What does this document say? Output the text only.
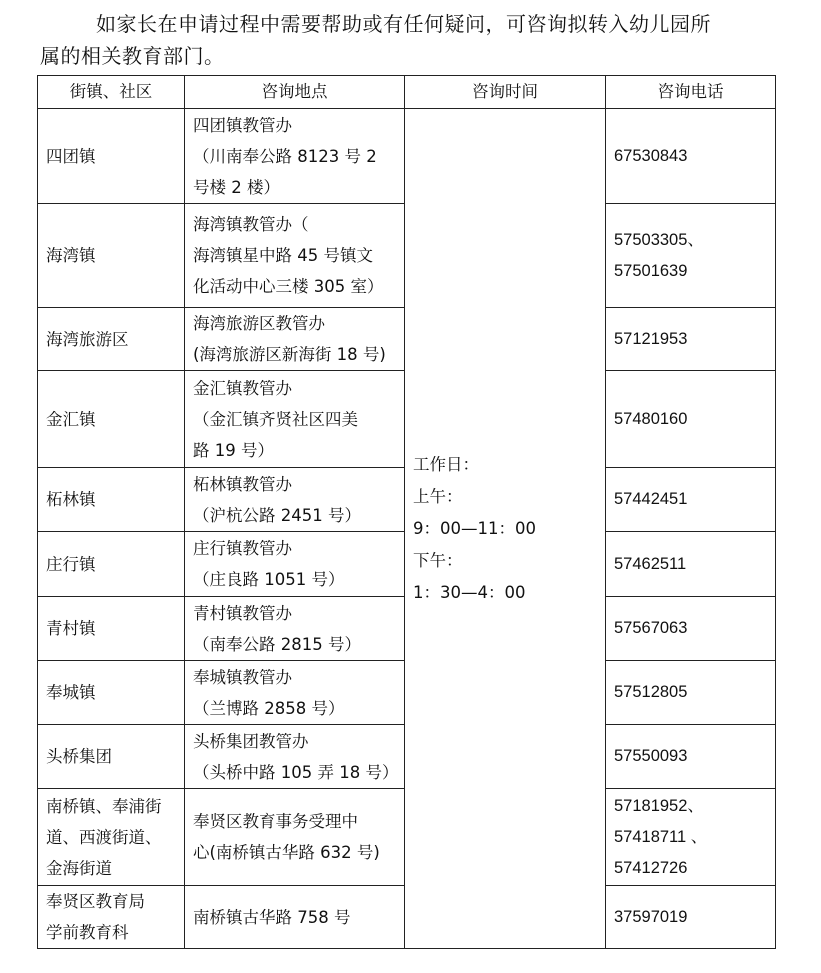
如家长在申请过程中需要帮助或有任何疑问，可咨询拟转入幼儿园所
属的相关教育部门。
街镇、社区	咨询地点	咨询时间	咨询电话

四团镇	四团镇教管办
（川南奉公路 8123 号 2
号楼 2 楼）	工作日：
上午：
9：00—11：00
下午：
1：30—4：00	67530843

海湾镇	海湾镇教管办（
海湾镇星中路 45 号镇文
化活动中心三楼 305 室）		57503305、
57501639

海湾旅游区	海湾旅游区教管办
(海湾旅游区新海街 18 号)		57121953

金汇镇	金汇镇教管办
（金汇镇齐贤社区四美
路 19 号）		57480160

柘林镇	柘林镇教管办
（沪杭公路 2451 号）		57442451

庄行镇	庄行镇教管办
（庄良路 1051 号）		57462511

青村镇	青村镇教管办
（南奉公路 2815 号）		57567063

奉城镇	奉城镇教管办
（兰博路 2858 号）		57512805

头桥集团	头桥集团教管办
（头桥中路 105 弄 18 号）		57550093

南桥镇、奉浦街
道、西渡街道、
金海街道	奉贤区教育事务受理中
心(南桥镇古华路 632 号)		57181952、
57418711 、
57412726

奉贤区教育局
学前教育科	南桥镇古华路 758 号		37597019
